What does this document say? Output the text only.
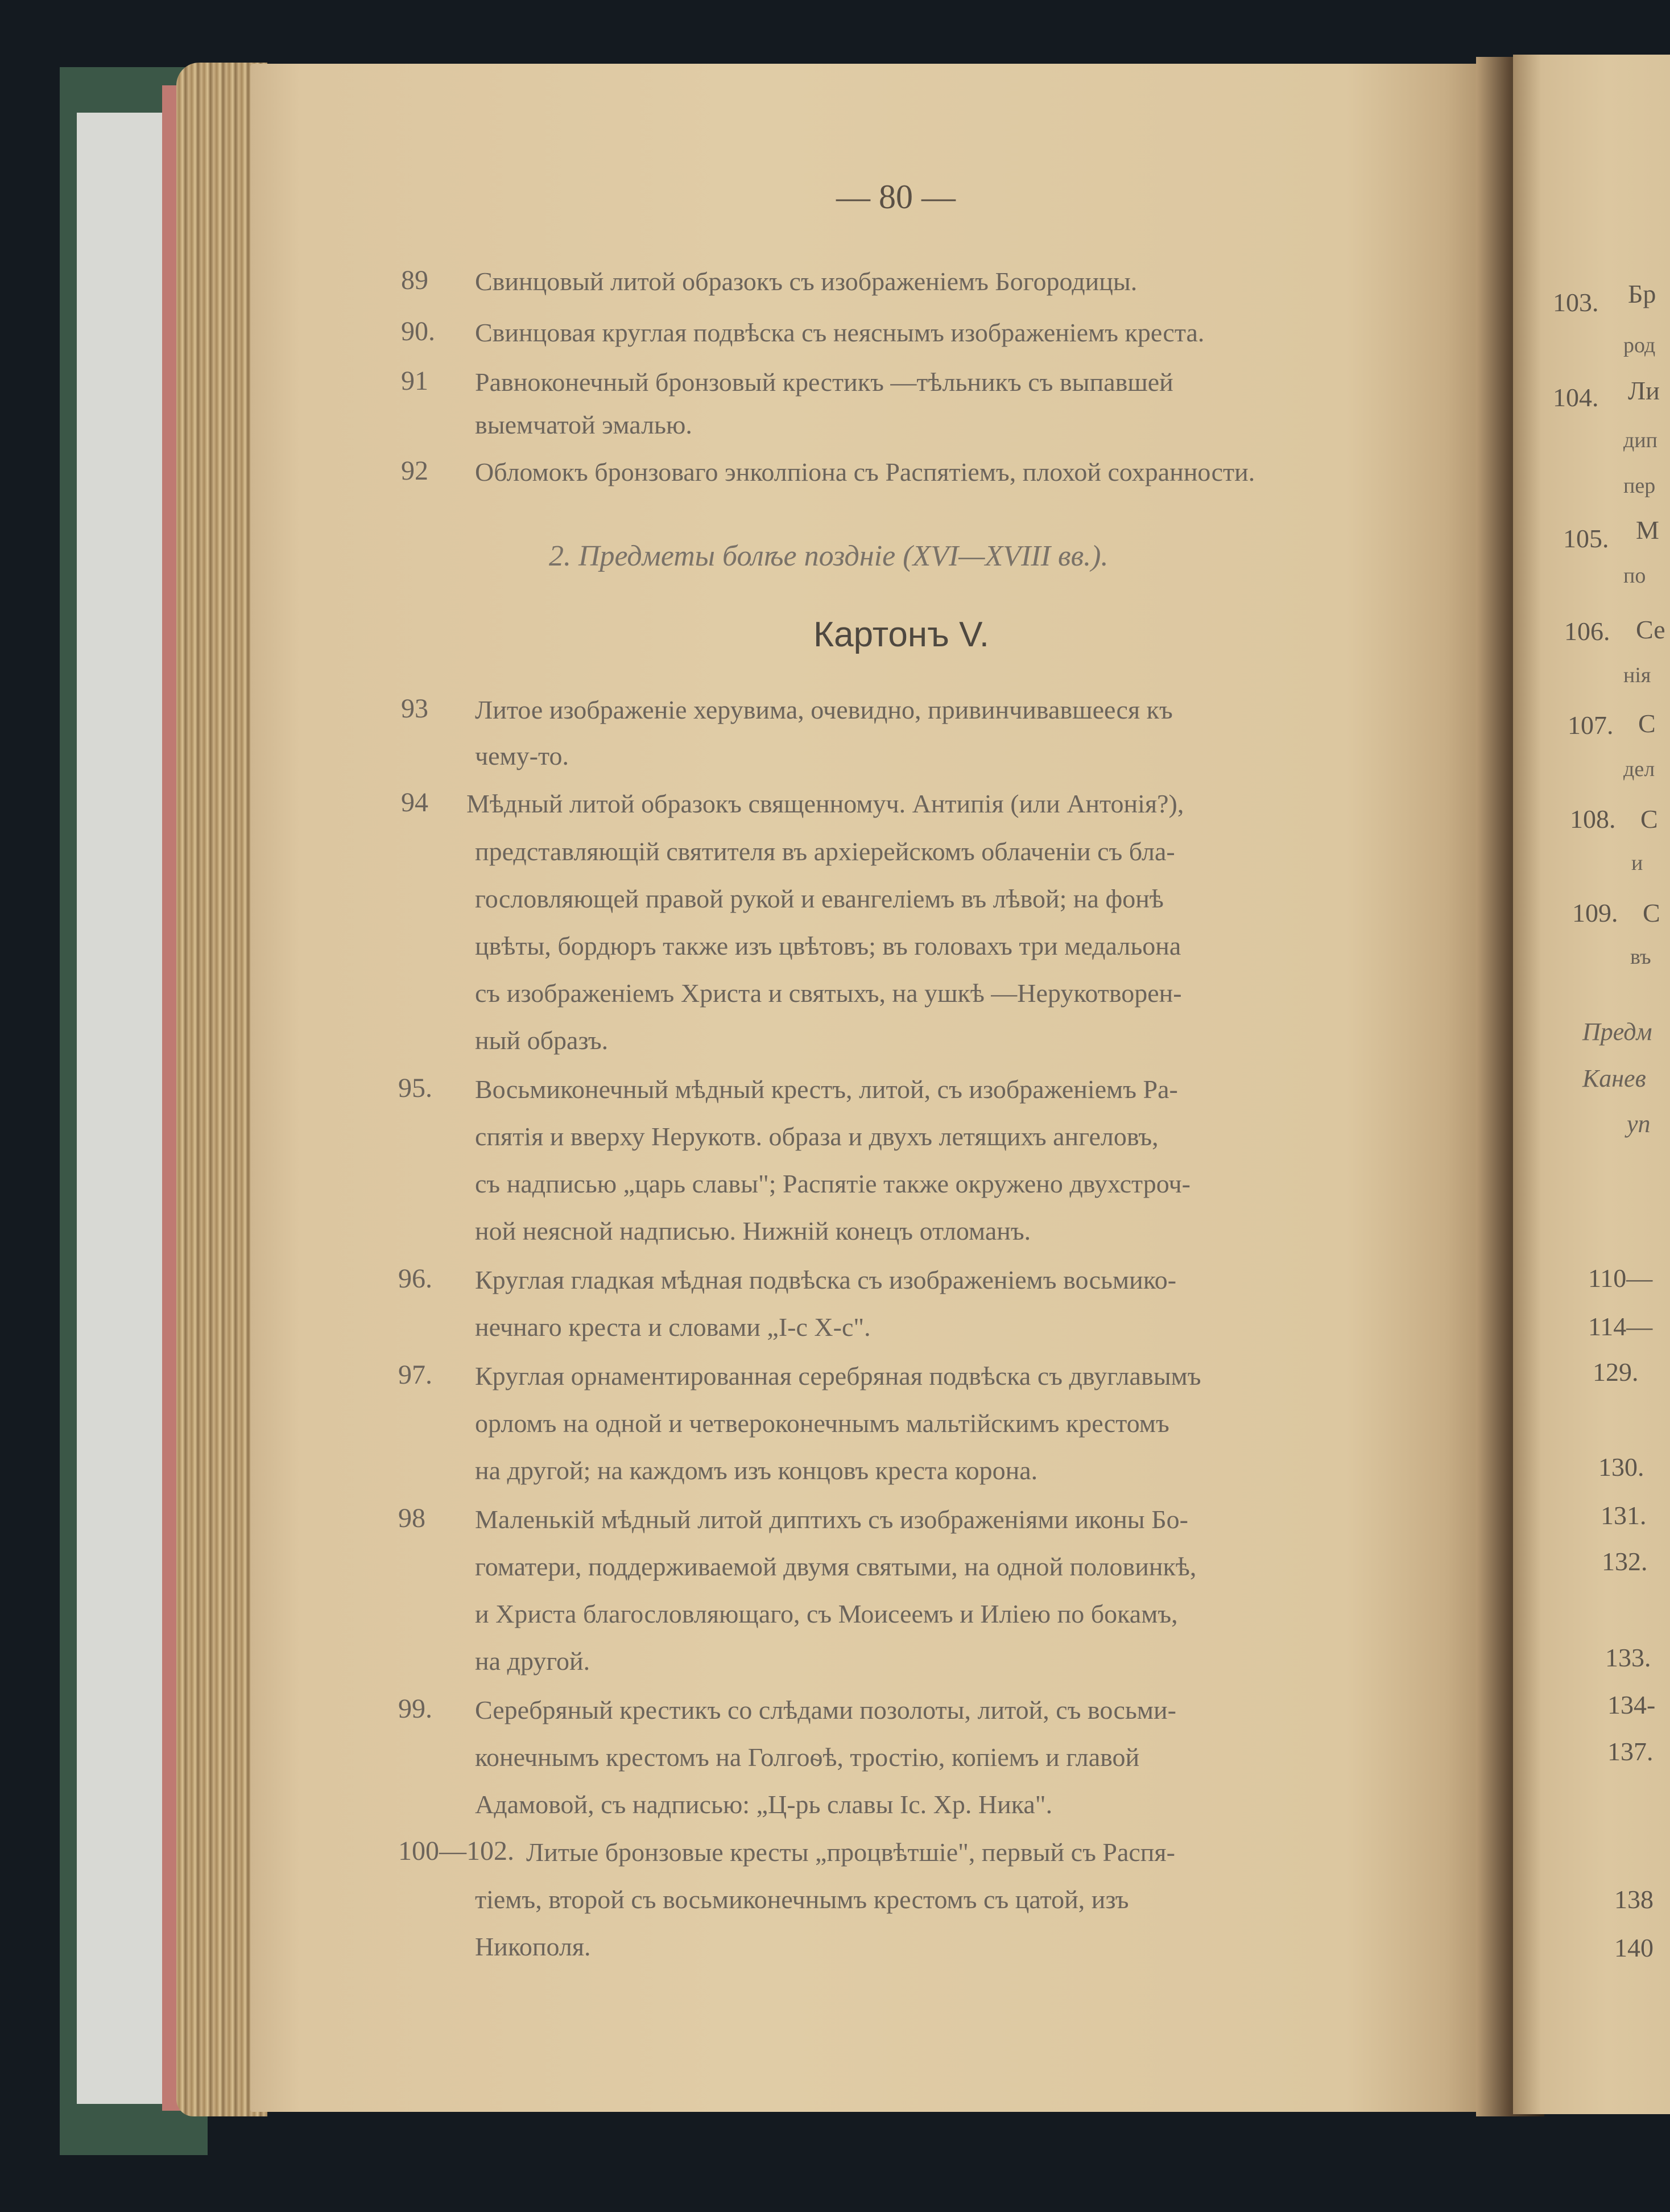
— 80 —
89 Свинцовый литой образокъ съ изображеніемъ Богородицы.
90. Свинцовая круглая подвѣска съ неяснымъ изображеніемъ креста.
91 Равноконечный бронзовый крестикъ —тѣльникъ съ выпавшей
выемчатой эмалью.
92 Обломокъ бронзоваго энколпіона съ Распятіемъ, плохой сохранности.
2. Предметы болѣе позднiе (XVI—XVIII вв.).
Картонъ V.
93 Литое изображеніе херувима, очевидно, привинчивавшееся къ
чему-то.
94 Мѣдный литой образокъ священномуч. Антипія (или Антонія?),
представляющій святителя въ архіерейскомъ облаченіи съ бла-
гословляющей правой рукой и евангеліемъ въ лѣвой; на фонѣ
цвѣты, бордюръ также изъ цвѣтовъ; въ головахъ три медальона
съ изображеніемъ Христа и святыхъ, на ушкѣ —Нерукотворен-
ный образъ.
95. Восьмиконечный мѣдный крестъ, литой, съ изображеніемъ Ра-
спятія и вверху Нерукотв. образа и двухъ летящихъ ангеловъ,
съ надписью „царь славы"; Распятіе также окружено двухстроч-
ной неясной надписью. Нижній конецъ отломанъ.
96. Круглая гладкая мѣдная подвѣска съ изображеніемъ восьмико-
нечнаго креста и словами „І-с Х-с".
97. Круглая орнаментированная серебряная подвѣска съ двуглавымъ
орломъ на одной и четвероконечнымъ мальтійскимъ крестомъ
на другой; на каждомъ изъ концовъ креста корона.
98 Маленькій мѣдный литой диптихъ съ изображеніями иконы Бо-
гоматери, поддерживаемой двумя святыми, на одной половинкѣ,
и Христа благословляющаго, съ Моисеемъ и Иліею по бокамъ,
на другой.
99. Серебряный крестикъ со слѣдами позолоты, литой, съ восьми-
конечнымъ крестомъ на Голгоѳѣ, тростію, копіемъ и главой
Адамовой, съ надписью: „Ц-рь славы Іс. Хр. Ника".
100—102. Литые бронзовые кресты „процвѣтшіе", первый съ Распя-
тіемъ, второй съ восьмиконечнымъ крестомъ съ цатой, изъ
Никополя.
103. Бр
род
104. Ли
дип
пер
105. М
по
106. Се
нія
107. С
дел
108. С
и
109. С
въ
Предм
Канев
уп
110—
114—
129.
130.
131.
132.
133.
134-
137.
138
140
